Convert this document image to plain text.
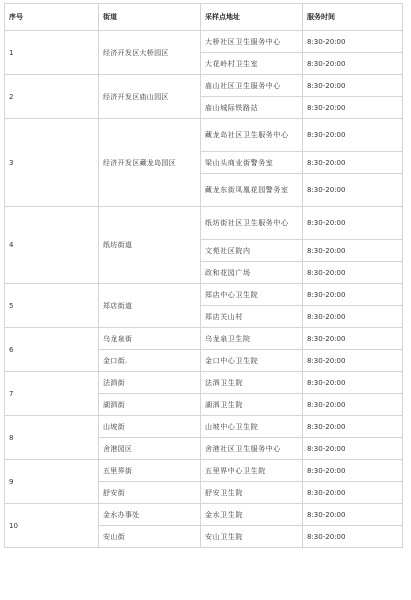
序号	街道	采样点地址	服务时间
1	经济开发区大桥园区	大桥社区卫生服务中心	8:30-20:00
		大花岭村卫生室	8:30-20:00
2	经济开发区庙山园区	庙山社区卫生服务中心	8:30-20:00
		庙山城际铁路站	8:30-20:00
3	经济开发区藏龙岛园区	藏龙岛社区卫生服务中心	8:30-20:00
		梁山头商业街警务室	8:30-20:00
		藏龙东街凤凰花园警务室	8:30-20:00
4	纸坊街道	纸坊街社区卫生服务中心	8:30-20:00
		文苑社区院内	8:30-20:00
		政和花园广场	8:30-20:00
5	郑店街道	郑店中心卫生院	8:30-20:00
		郑店关山村	8:30-20:00
6	乌龙泉街	乌龙泉卫生院	8:30-20:00
	金口街.	金口中心卫生院	8:30-20:00
7	法泗街	法泗卫生院	8:30-20:00
	湖泗街	湖泗卫生院	8:30-20:00
8	山坡街	山坡中心卫生院	8:30-20:00
	舍港园区	舍港社区卫生服务中心	8:30-20:00
9	五里界街	五里界中心卫生院	8:30-20:00
	舒安街	舒安卫生院	8:30-20:00
10	金水办事处	金水卫生院	8:30-20:00
	安山街	安山卫生院	8:30-20:00
